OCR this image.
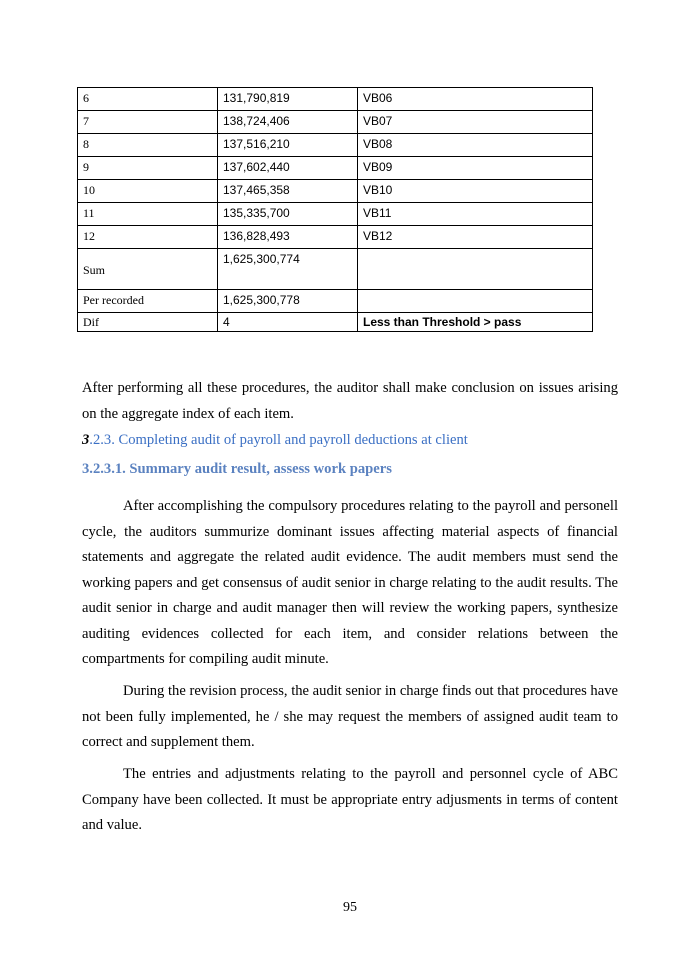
6	131,790,819	VB06
7	138,724,406	VB07
8	137,516,210	VB08
9	137,602,440	VB09
10	137,465,358	VB10
11	135,335,700	VB11
12	136,828,493	VB12
Sum	1,625,300,774	
Per recorded	1,625,300,778	
Dif	4	Less than Threshold > pass

After performing all these procedures, the auditor shall make conclusion on issues arising on the aggregate index of each item.

3.2.3. Completing audit of payroll and payroll deductions at client
3.2.3.1. Summary audit result, assess work papers

After accomplishing the compulsory procedures relating to the payroll and personell cycle, the auditors summurize dominant issues affecting material aspects of financial statements and aggregate the related audit evidence. The audit members must send the working papers and get consensus of audit senior in charge relating to the audit results. The audit senior in charge and audit manager then will review the working papers, synthesize auditing evidences collected for each item, and consider relations between the compartments for compiling audit minute.

During the revision process, the audit senior in charge finds out that procedures have not been fully implemented, he / she may request the members of assigned audit team to correct and supplement them.

The entries and adjustments relating to the payroll and personnel cycle of ABC Company have been collected. It must be appropriate entry adjusments in terms of content and value.

95
